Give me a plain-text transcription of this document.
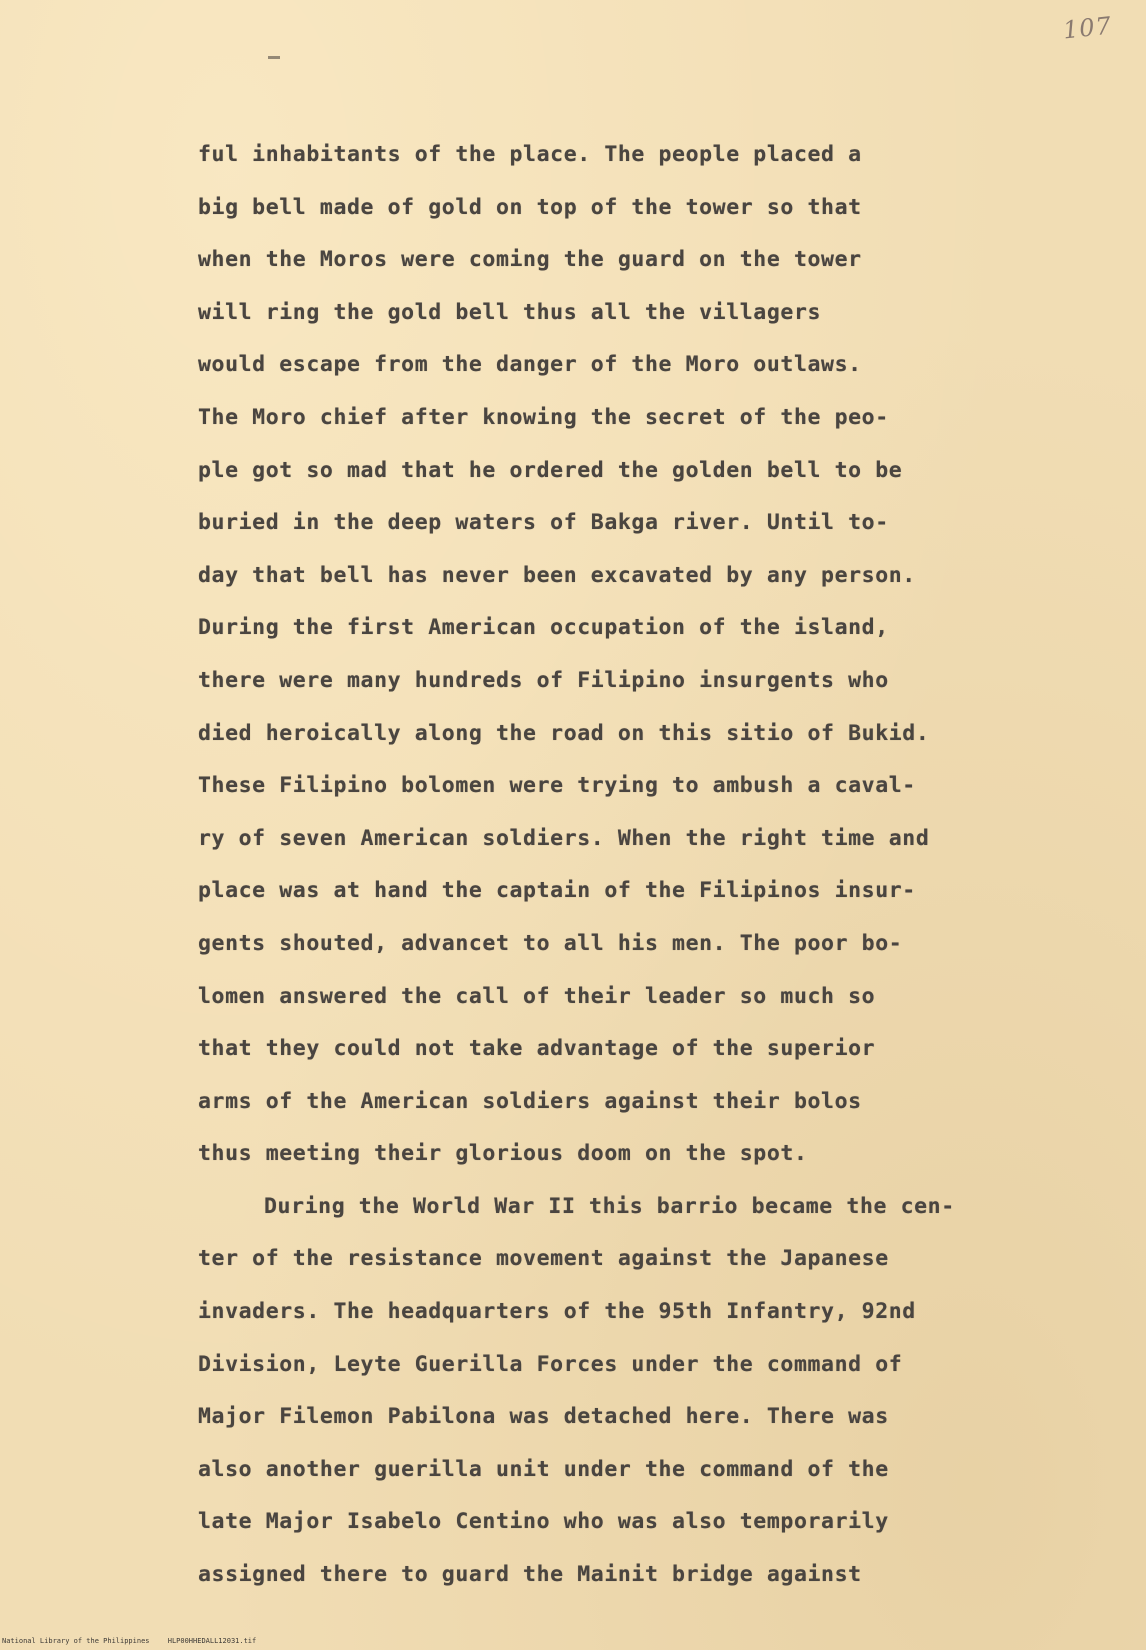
107
ful inhabitants of the place. The people placed a
big bell made of gold on top of the tower so that
when the Moros were coming the guard on the tower
will ring the gold bell thus all the villagers
would escape from the danger of the Moro outlaws.
The Moro chief after knowing the secret of the peo-
ple got so mad that he ordered the golden bell to be
buried in the deep waters of Bakga river. Until to-
day that bell has never been excavated by any person.
During the first American occupation of the island,
there were many hundreds of Filipino insurgents who
died heroically along the road on this sitio of Bukid.
These Filipino bolomen were trying to ambush a caval-
ry of seven American soldiers. When the right time and
place was at hand the captain of the Filipinos insur-
gents shouted, advancet to all his men. The poor bo-
lomen answered the call of their leader so much so
that they could not take advantage of the superior
arms of the American soldiers against their bolos
thus meeting their glorious doom on the spot.
During the World War II this barrio became the cen-
ter of the resistance movement against the Japanese
invaders. The headquarters of the 95th Infantry, 92nd
Division, Leyte Guerilla Forces under the command of
Major Filemon Pabilona was detached here. There was
also another guerilla unit under the command of the
late Major Isabelo Centino who was also temporarily
assigned there to guard the Mainit bridge against
National Library of the Philippines	HLP00HHEDALL12031.tif
